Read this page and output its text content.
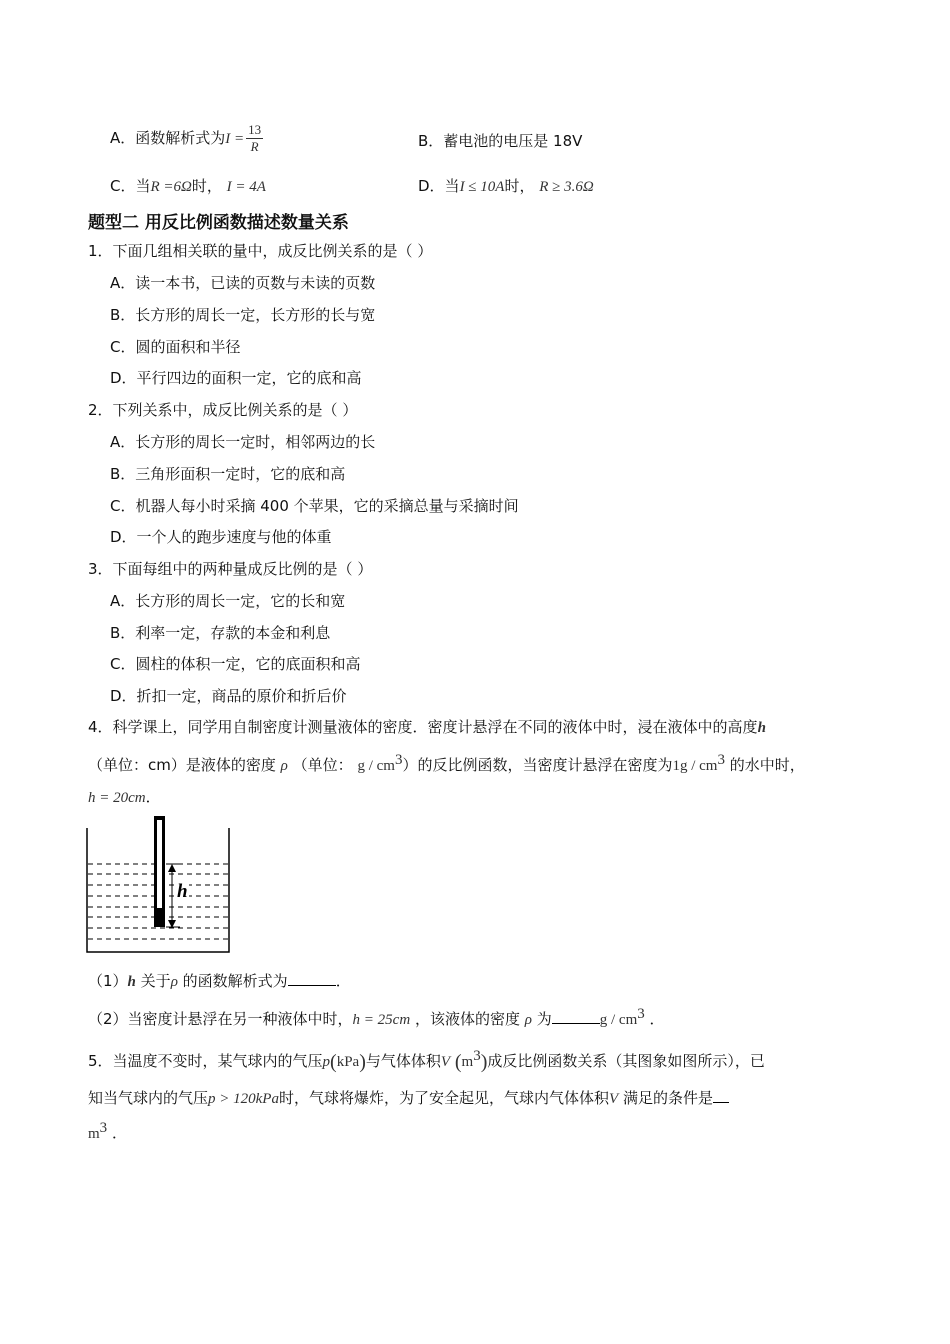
A．函数解析式为$I = \frac{13}{R}$	B．蓄电池的电压是 18V
C．当R =6Ω时， I = 4A	D．当I ≤ 10A时， R ≥ 3.6Ω
题型二 用反比例函数描述数量关系
1．下面几组相关联的量中，成反比例关系的是（ ）
A．读一本书，已读的页数与未读的页数
B．长方形的周长一定，长方形的长与宽
C．圆的面积和半径
D．平行四边的面积一定，它的底和高
2．下列关系中，成反比例关系的是（ ）
A．长方形的周长一定时，相邻两边的长
B．三角形面积一定时，它的底和高
C．机器人每小时采摘 400 个苹果，它的采摘总量与采摘时间
D．一个人的跑步速度与他的体重
3．下面每组中的两种量成反比例的是（ ）
A．长方形的周长一定，它的长和宽
B．利率一定，存款的本金和利息
C．圆柱的体积一定，它的底面积和高
D．折扣一定，商品的原价和折后价
4．科学课上，同学用自制密度计测量液体的密度．密度计悬浮在不同的液体中时，浸在液体中的高度h
（单位：cm）是液体的密度 ρ （单位： g / $cm^3$）的反比例函数，当密度计悬浮在密度为$1g / cm^3$ 的水中时，
h = 20cm．
h
（1）h 关于ρ 的函数解析式为	．
（2）当密度计悬浮在另一种液体中时，h = 25cm ，该液体的密度 ρ 为	g / $cm^3$ ．
5．当温度不变时，某气球内的气压p(kPa)与气体体积V $(m^3)$成反比例函数关系（其图象如图所示），已
知当气球内的气压p > 120kPa时，气球将爆炸，为了安全起见，气球内气体体积V 满足的条件是
$m^3$ ．
